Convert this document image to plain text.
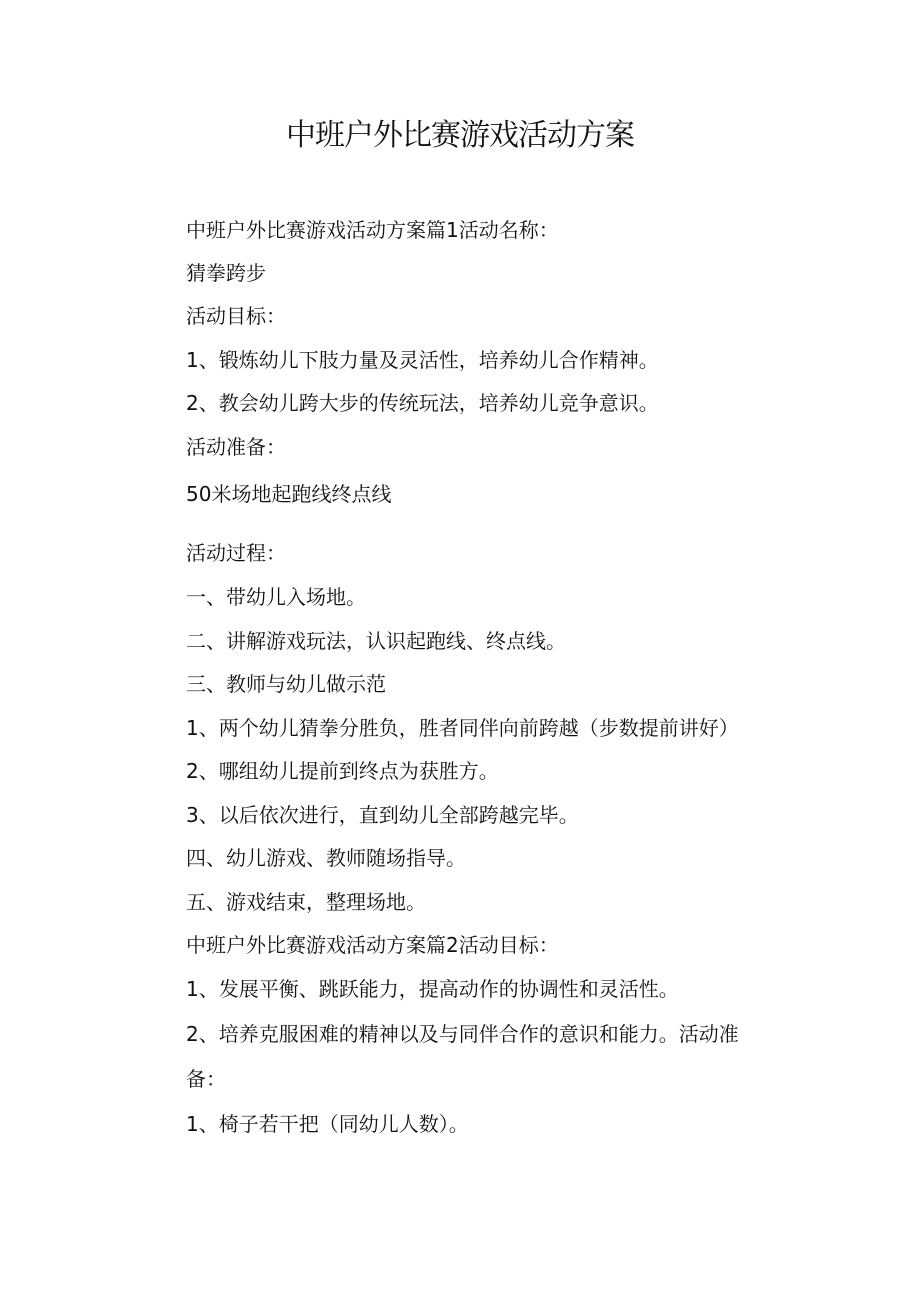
中班户外比赛游戏活动方案

中班户外比赛游戏活动方案篇1活动名称：

猜拳跨步

活动目标：

1、锻炼幼儿下肢力量及灵活性，培养幼儿合作精神。

2、教会幼儿跨大步的传统玩法，培养幼儿竞争意识。

活动准备：

50米场地起跑线终点线

活动过程：

一、带幼儿入场地。

二、讲解游戏玩法，认识起跑线、终点线。

三、教师与幼儿做示范

1、两个幼儿猜拳分胜负，胜者同伴向前跨越（步数提前讲好）

2、哪组幼儿提前到终点为获胜方。

3、以后依次进行，直到幼儿全部跨越完毕。

四、幼儿游戏、教师随场指导。

五、游戏结束，整理场地。

中班户外比赛游戏活动方案篇2活动目标：

1、发展平衡、跳跃能力，提高动作的协调性和灵活性。

2、培养克服困难的精神以及与同伴合作的意识和能力。活动准

备：

1、椅子若干把（同幼儿人数）。
